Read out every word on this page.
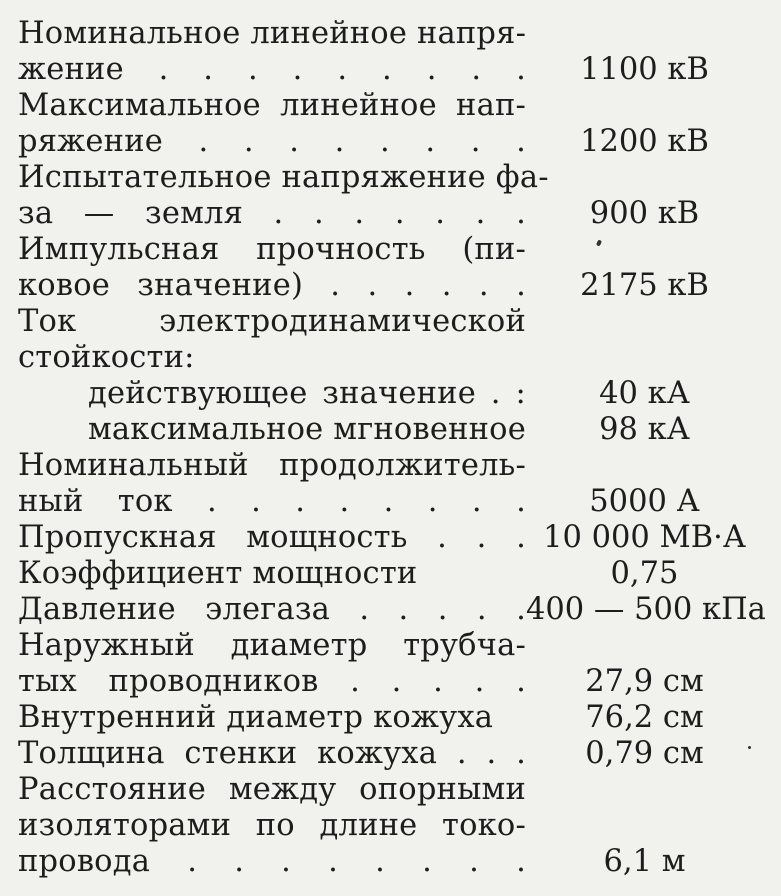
Номинальное линейное напря-
жение . . . . . . . . .	1100 кВ
Максимальное линейное нап-
ряжение . . . . . . . .	1200 кВ
Испытательное напряжение фа-
за — земля . . . . . . .	900 кВ
Импульсная прочность (пи-
ковое значение) . . . . . .	2175 кВ
Ток электродинамической
стойкости:
действующее значение . :	40 кА
максимальное мгновенное	98 кА
Номинальный продолжитель-
ный ток . . . . . . . .	5000 А
Пропускная мощность . . . 10 000 МВ·А
Коэффициент мощности	0,75
Давление элегаза . . . . . 400 — 500 кПа
Наружный диаметр трубча-
тых проводников . . . . .	27,9 см
Внутренний диаметр кожуха	76,2 см
Толщина стенки кожуха . . .	0,79 см
Расстояние между опорными
изоляторами по длине токо-
провода . . . . . . . .	6,1 м
